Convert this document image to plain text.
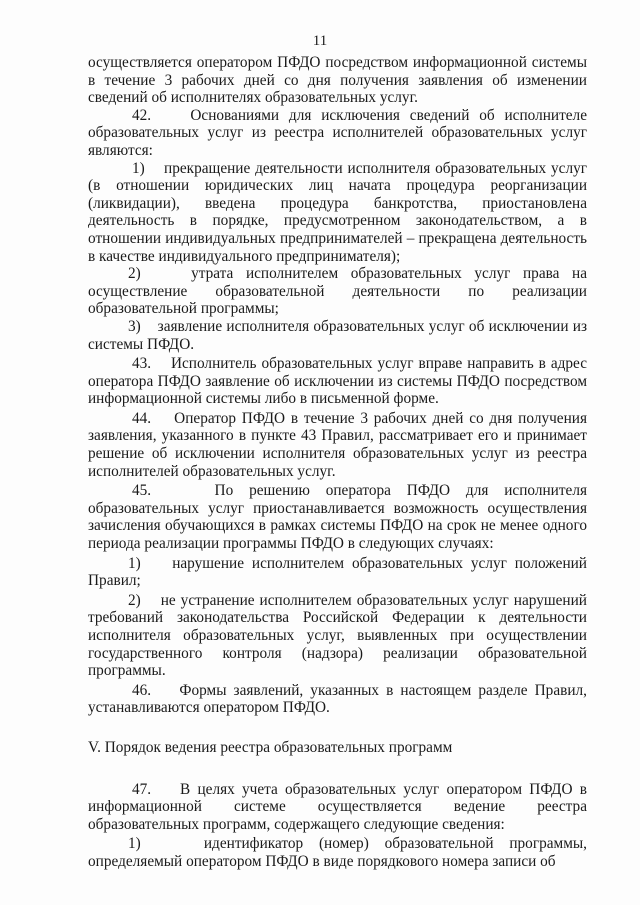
11

осуществляется оператором ПФДО посредством информационной системы в течение 3 рабочих дней со дня получения заявления об изменении сведений об исполнителях образовательных услуг.

42.    Основаниями для исключения сведений об исполнителе образовательных услуг из реестра исполнителей образовательных услуг являются:

1)    прекращение деятельности исполнителя образовательных услуг (в отношении юридических лиц начата процедура реорганизации (ликвидации), введена процедура банкротства, приостановлена деятельность в порядке, предусмотренном законодательством, а в отношении индивидуальных предпринимателей – прекращена деятельность в качестве индивидуального предпринимателя);

2)    утрата исполнителем образовательных услуг права на осуществление образовательной деятельности по реализации образовательной программы;

3)    заявление исполнителя образовательных услуг об исключении из системы ПФДО.

43.    Исполнитель образовательных услуг вправе направить в адрес оператора ПФДО заявление об исключении из системы ПФДО посредством информационной системы либо в письменной форме.

44.    Оператор ПФДО в течение 3 рабочих дней со дня получения заявления, указанного в пункте 43 Правил, рассматривает его и принимает решение об исключении исполнителя образовательных услуг из реестра исполнителей образовательных услуг.

45.    По решению оператора ПФДО для исполнителя образовательных услуг приостанавливается возможность осуществления зачисления обучающихся в рамках системы ПФДО на срок не менее одного периода реализации программы ПФДО в следующих случаях:

1)    нарушение исполнителем образовательных услуг положений Правил;

2)    не устранение исполнителем образовательных услуг нарушений требований законодательства Российской Федерации к деятельности исполнителя образовательных услуг, выявленных при осуществлении государственного контроля (надзора) реализации образовательной программы.

46.    Формы заявлений, указанных в настоящем разделе Правил, устанавливаются оператором ПФДО.

V. Порядок ведения реестра образовательных программ

47.    В целях учета образовательных услуг оператором ПФДО в информационной системе осуществляется ведение реестра образовательных программ, содержащего следующие сведения:

1)    идентификатор (номер) образовательной программы, определяемый оператором ПФДО в виде порядкового номера записи об
